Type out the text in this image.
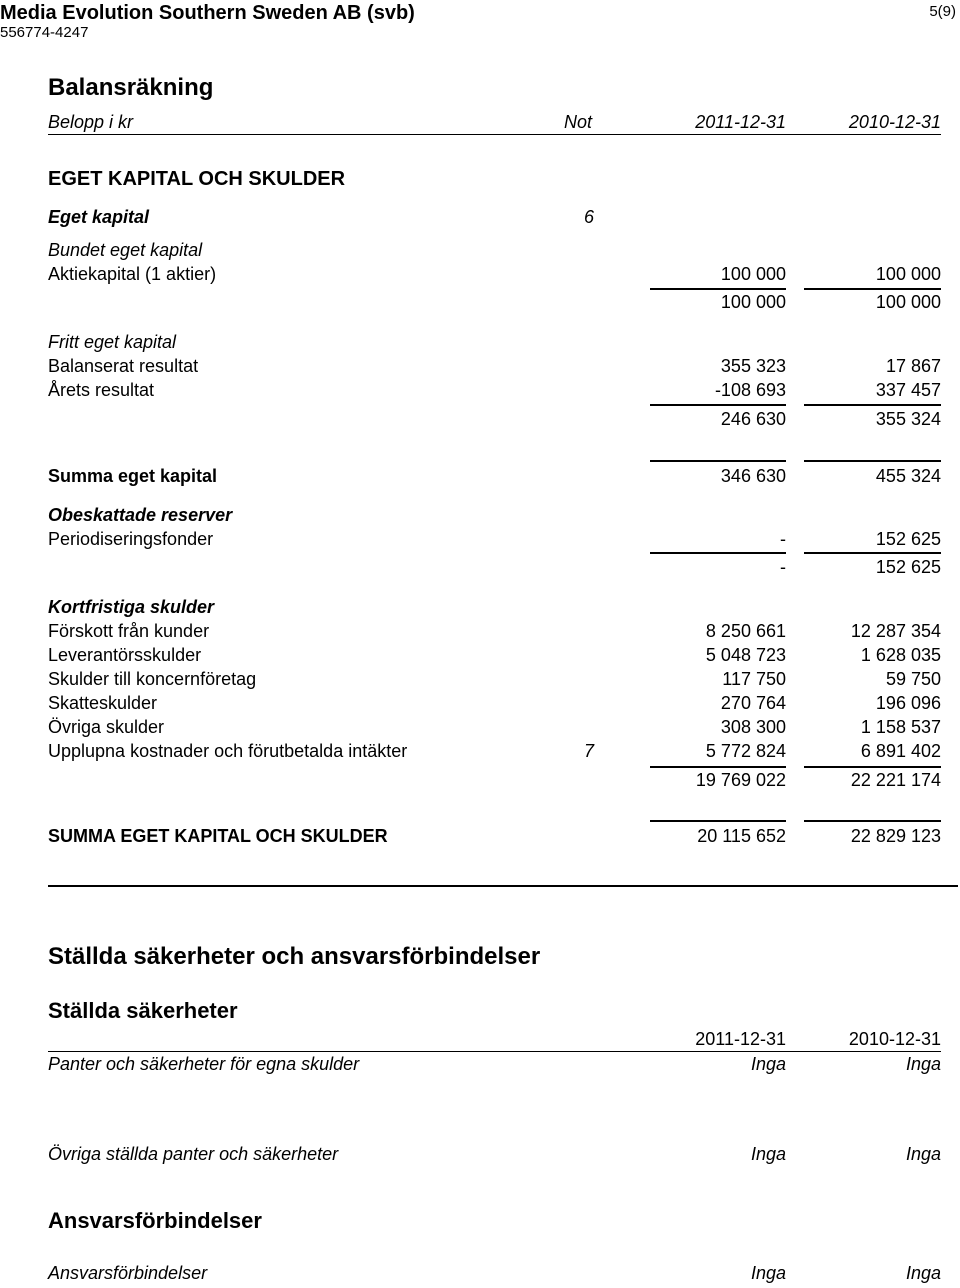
Media Evolution Southern Sweden AB (svb)
556774-4247
5(9)
Balansräkning
Belopp i kr	Not	2011-12-31	2010-12-31
EGET KAPITAL OCH SKULDER
Eget kapital	6
Bundet eget kapital
Aktiekapital (1 aktier)	100 000	100 000
100 000	100 000
Fritt eget kapital
Balanserat resultat	355 323	17 867
Årets resultat	-108 693	337 457
246 630	355 324
Summa eget kapital	346 630	455 324
Obeskattade reserver
Periodiseringsfonder	-	152 625
-	152 625
Kortfristiga skulder
Förskott från kunder	8 250 661	12 287 354
Leverantörsskulder	5 048 723	1 628 035
Skulder till koncernföretag	117 750	59 750
Skatteskulder	270 764	196 096
Övriga skulder	308 300	1 158 537
Upplupna kostnader och förutbetalda intäkter	7	5 772 824	6 891 402
19 769 022	22 221 174
SUMMA EGET KAPITAL OCH SKULDER	20 115 652	22 829 123
Ställda säkerheter och ansvarsförbindelser
Ställda säkerheter
2011-12-31	2010-12-31
Panter och säkerheter för egna skulder	Inga	Inga
Övriga ställda panter och säkerheter	Inga	Inga
Ansvarsförbindelser
Ansvarsförbindelser	Inga	Inga
